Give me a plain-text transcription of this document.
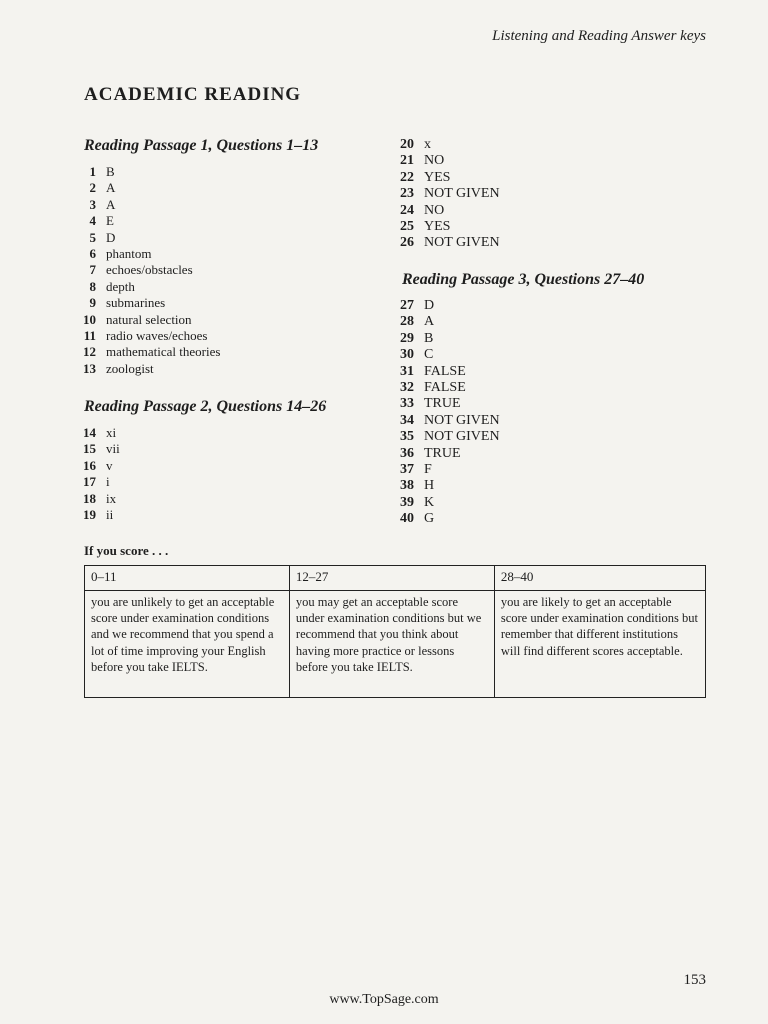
Listening and Reading Answer keys
ACADEMIC READING
Reading Passage 1, Questions 1–13
1 B
2 A
3 A
4 E
5 D
6 phantom
7 echoes/obstacles
8 depth
9 submarines
10 natural selection
11 radio waves/echoes
12 mathematical theories
13 zoologist
Reading Passage 2, Questions 14–26
14 xi
15 vii
16 v
17 i
18 ix
19 ii
20 x
21 NO
22 YES
23 NOT GIVEN
24 NO
25 YES
26 NOT GIVEN
Reading Passage 3, Questions 27–40
27 D
28 A
29 B
30 C
31 FALSE
32 FALSE
33 TRUE
34 NOT GIVEN
35 NOT GIVEN
36 TRUE
37 F
38 H
39 K
40 G
If you score . . .
0–11	12–27	28–40
you are unlikely to get an acceptable score under examination conditions and we recommend that you spend a lot of time improving your English before you take IELTS.	you may get an acceptable score under examination conditions but we recommend that you think about having more practice or lessons before you take IELTS.	you are likely to get an acceptable score under examination conditions but remember that different institutions will find different scores acceptable.
153
www.TopSage.com
